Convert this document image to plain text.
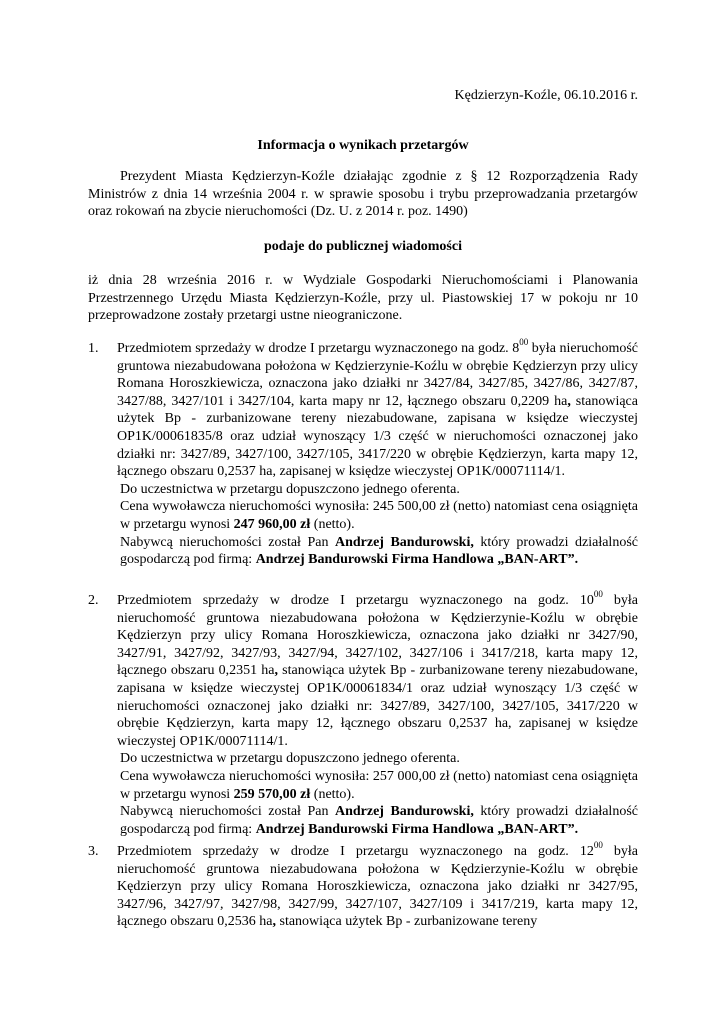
Kędzierzyn-Koźle, 06.10.2016 r.
Informacja o wynikach przetargów
Prezydent Miasta Kędzierzyn-Koźle działając zgodnie z § 12 Rozporządzenia Rady Ministrów z dnia 14 września 2004 r. w sprawie sposobu i trybu przeprowadzania przetargów oraz rokowań na zbycie nieruchomości (Dz. U. z 2014 r. poz. 1490)
podaje do publicznej wiadomości
iż dnia 28 września 2016 r. w Wydziale Gospodarki Nieruchomościami i Planowania Przestrzennego Urzędu Miasta Kędzierzyn-Koźle, przy ul. Piastowskiej 17 w pokoju nr 10 przeprowadzone zostały przetargi ustne nieograniczone.
1. Przedmiotem sprzedaży w drodze I przetargu wyznaczonego na godz. $8^{00}$ była nieruchomość gruntowa niezabudowana położona w Kędzierzynie-Koźlu w obrębie Kędzierzyn przy ulicy Romana Horoszkiewicza, oznaczona jako działki nr 3427/84, 3427/85, 3427/86, 3427/87, 3427/88, 3427/101 i 3427/104, karta mapy nr 12, łącznego obszaru 0,2209 ha, stanowiąca użytek Bp - zurbanizowane tereny niezabudowane, zapisana w księdze wieczystej OP1K/00061835/8 oraz udział wynoszący 1/3 część w nieruchomości oznaczonej jako działki nr: 3427/89, 3427/100, 3427/105, 3417/220 w obrębie Kędzierzyn, karta mapy 12, łącznego obszaru 0,2537 ha, zapisanej w księdze wieczystej OP1K/00071114/1.

Do uczestnictwa w przetargu dopuszczono jednego oferenta.

Cena wywoławcza nieruchomości wynosiła: 245 500,00 zł (netto) natomiast cena osiągnięta w przetargu wynosi 247 960,00 zł (netto).

Nabywcą nieruchomości został Pan Andrzej Bandurowski, który prowadzi działalność gospodarczą pod firmą: Andrzej Bandurowski Firma Handlowa „BAN-ART”.

2. Przedmiotem sprzedaży w drodze I przetargu wyznaczonego na godz. $10^{00}$ była nieruchomość gruntowa niezabudowana położona w Kędzierzynie-Koźlu w obrębie Kędzierzyn przy ulicy Romana Horoszkiewicza, oznaczona jako działki nr 3427/90, 3427/91, 3427/92, 3427/93, 3427/94, 3427/102, 3427/106 i 3417/218, karta mapy 12, łącznego obszaru 0,2351 ha, stanowiąca użytek Bp - zurbanizowane tereny niezabudowane, zapisana w księdze wieczystej OP1K/00061834/1 oraz udział wynoszący 1/3 część w nieruchomości oznaczonej jako działki nr: 3427/89, 3427/100, 3427/105, 3417/220 w obrębie Kędzierzyn, karta mapy 12, łącznego obszaru 0,2537 ha, zapisanej w księdze wieczystej OP1K/00071114/1.

Do uczestnictwa w przetargu dopuszczono jednego oferenta.

Cena wywoławcza nieruchomości wynosiła: 257 000,00 zł (netto) natomiast cena osiągnięta w przetargu wynosi 259 570,00 zł (netto).

Nabywcą nieruchomości został Pan Andrzej Bandurowski, który prowadzi działalność gospodarczą pod firmą: Andrzej Bandurowski Firma Handlowa „BAN-ART”.

3. Przedmiotem sprzedaży w drodze I przetargu wyznaczonego na godz. $12^{00}$ była nieruchomość gruntowa niezabudowana położona w Kędzierzynie-Koźlu w obrębie Kędzierzyn przy ulicy Romana Horoszkiewicza, oznaczona jako działki nr 3427/95, 3427/96, 3427/97, 3427/98, 3427/99, 3427/107, 3427/109 i 3417/219, karta mapy 12, łącznego obszaru 0,2536 ha, stanowiąca użytek Bp - zurbanizowane tereny
